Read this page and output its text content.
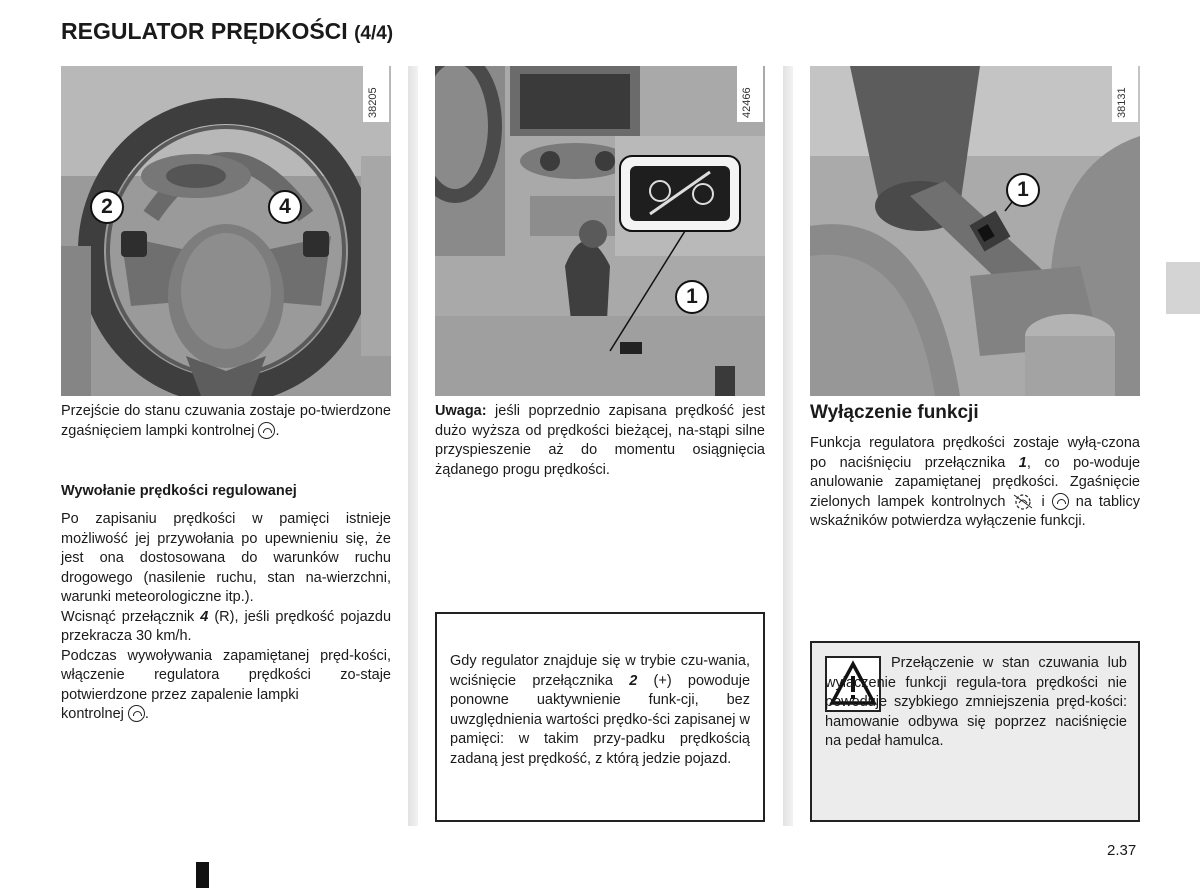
REGULATOR PRĘDKOŚCI (4/4)
38205
2	4
42466
1
38131
1
Przejście do stanu czuwania zostaje po-twierdzone zgaśnięciem lampki kontrolnej .
Wywołanie prędkości regulowanej
Po zapisaniu prędkości w pamięci istnieje możliwość jej przywołania po upewnieniu się, że jest ona dostosowana do warunków ruchu drogowego (nasilenie ruchu, stan na-wierzchni, warunki meteorologiczne itp.).
Wcisnąć przełącznik 4 (R), jeśli prędkość pojazdu przekracza 30 km/h.
Podczas wywoływania zapamiętanej pręd-kości, włączenie regulatora prędkości zo-staje potwierdzone przez zapalenie lampki
kontrolnej .
Uwaga: jeśli poprzednio zapisana prędkość jest dużo wyższa od prędkości bieżącej, na-stąpi silne przyspieszenie aż do momentu osiągnięcia żądanego progu prędkości.
Gdy regulator znajduje się w trybie czu-wania, wciśnięcie przełącznika 2 (+) powoduje ponowne uaktywnienie funk-cji, bez uwzględnienia wartości prędko-ści zapisanej w pamięci: w takim przy-padku prędkością zadaną jest prędkość, z którą jedzie pojazd.
Wyłączenie funkcji
Funkcja regulatora prędkości zostaje wyłą-czona po naciśnięciu przełącznika 1, co po-woduje anulowanie zapamiętanej prędkości. Zgaśnięcie zielonych lampek kontrolnych i na tablicy wskaźników potwierdza wyłączenie funkcji.
Przełączenie w stan czuwania lub wyłączenie funkcji regula-tora prędkości nie powoduje szybkiego zmniejszenia pręd-kości: hamowanie odbywa się poprzez naciśnięcie na pedał hamulca.
2.37
